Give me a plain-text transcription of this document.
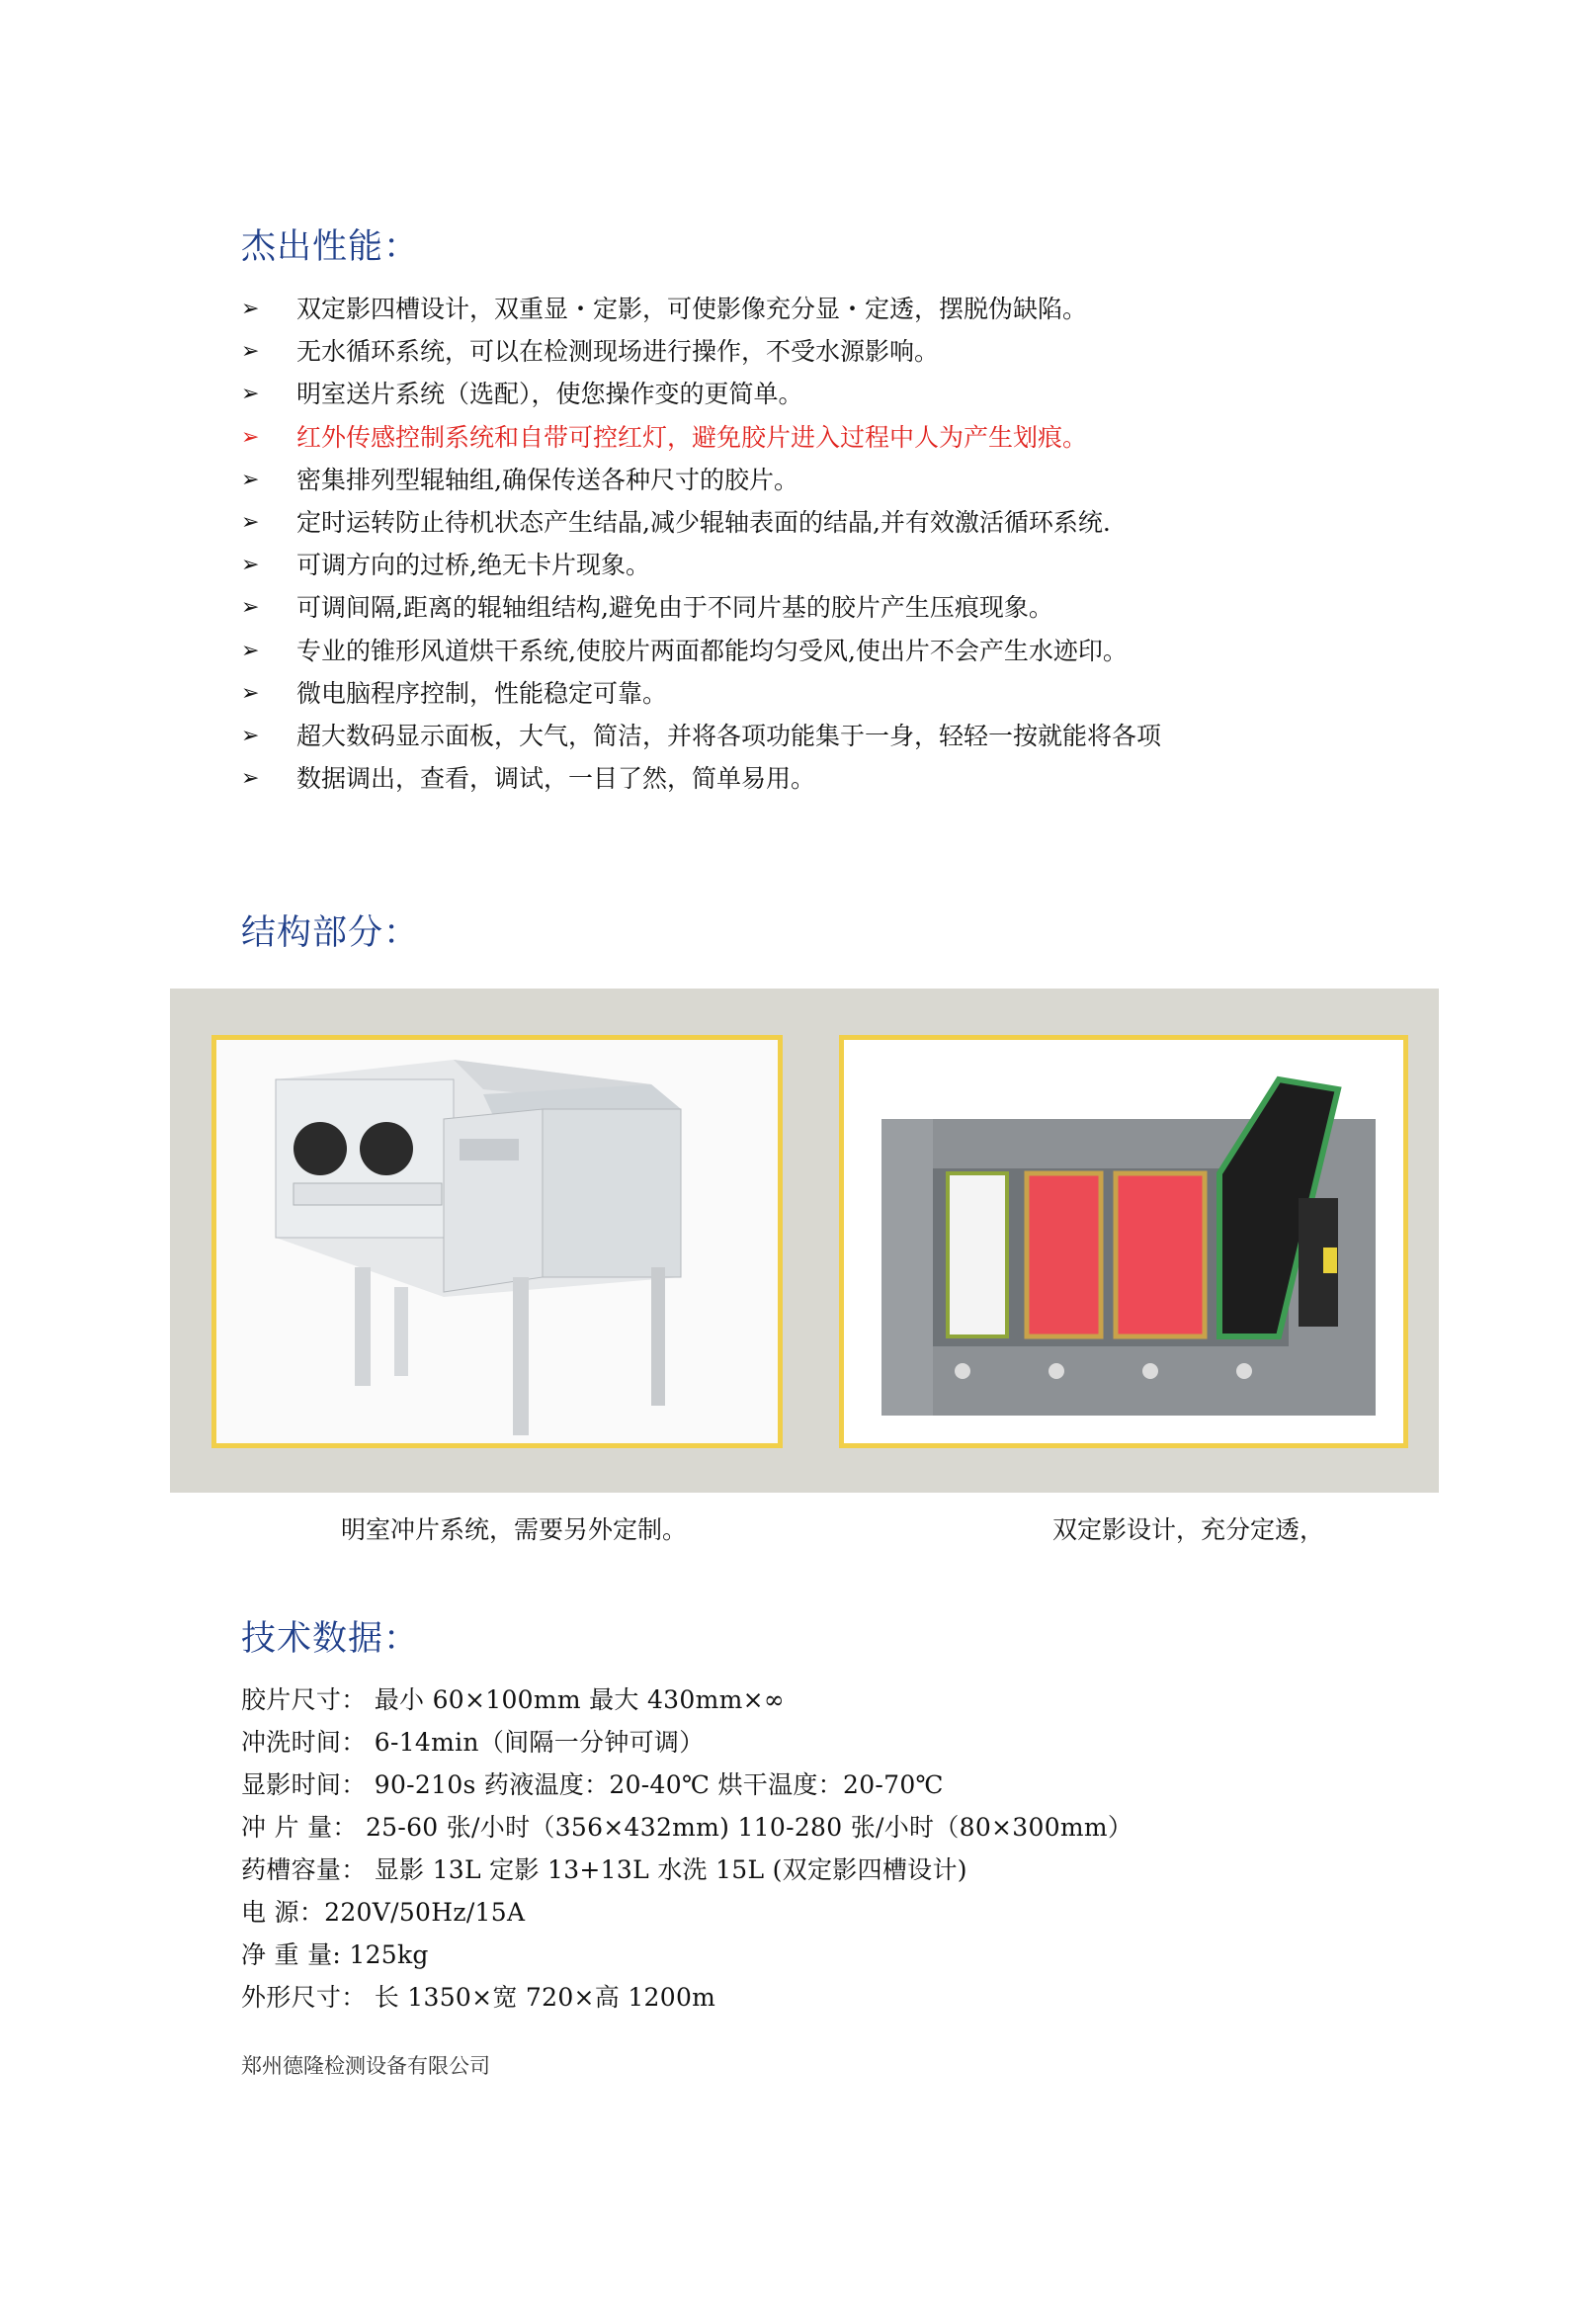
杰出性能：
➢ 双定影四槽设计，双重显・定影，可使影像充分显・定透，摆脱伪缺陷。
➢ 无水循环系统，可以在检测现场进行操作，不受水源影响。
➢ 明室送片系统（选配），使您操作变的更简单。
➢ 红外传感控制系统和自带可控红灯，避免胶片进入过程中人为产生划痕。
➢ 密集排列型辊轴组,确保传送各种尺寸的胶片。
➢ 定时运转防止待机状态产生结晶,减少辊轴表面的结晶,并有效激活循环系统.
➢ 可调方向的过桥,绝无卡片现象。
➢ 可调间隔,距离的辊轴组结构,避免由于不同片基的胶片产生压痕现象。
➢ 专业的锥形风道烘干系统,使胶片两面都能均匀受风,使出片不会产生水迹印。
➢ 微电脑程序控制，性能稳定可靠。
➢ 超大数码显示面板，大气，简洁，并将各项功能集于一身，轻轻一按就能将各项
➢ 数据调出，查看，调试，一目了然，简单易用。
结构部分：
明室冲片系统，需要另外定制。	双定影设计，充分定透，
技术数据：
胶片尺寸： 最小 60×100mm 最大 430mm×∞
冲洗时间： 6-14min（间隔一分钟可调）
显影时间： 90-210s 药液温度：20-40℃ 烘干温度：20-70℃
冲 片 量： 25-60 张/小时（356×432mm) 110-280 张/小时（80×300mm）
药槽容量： 显影 13L 定影 13+13L 水洗 15L (双定影四槽设计)
电 源：220V/50Hz/15A
净 重 量: 125kg
外形尺寸： 长 1350×宽 720×高 1200m
郑州德隆检测设备有限公司
